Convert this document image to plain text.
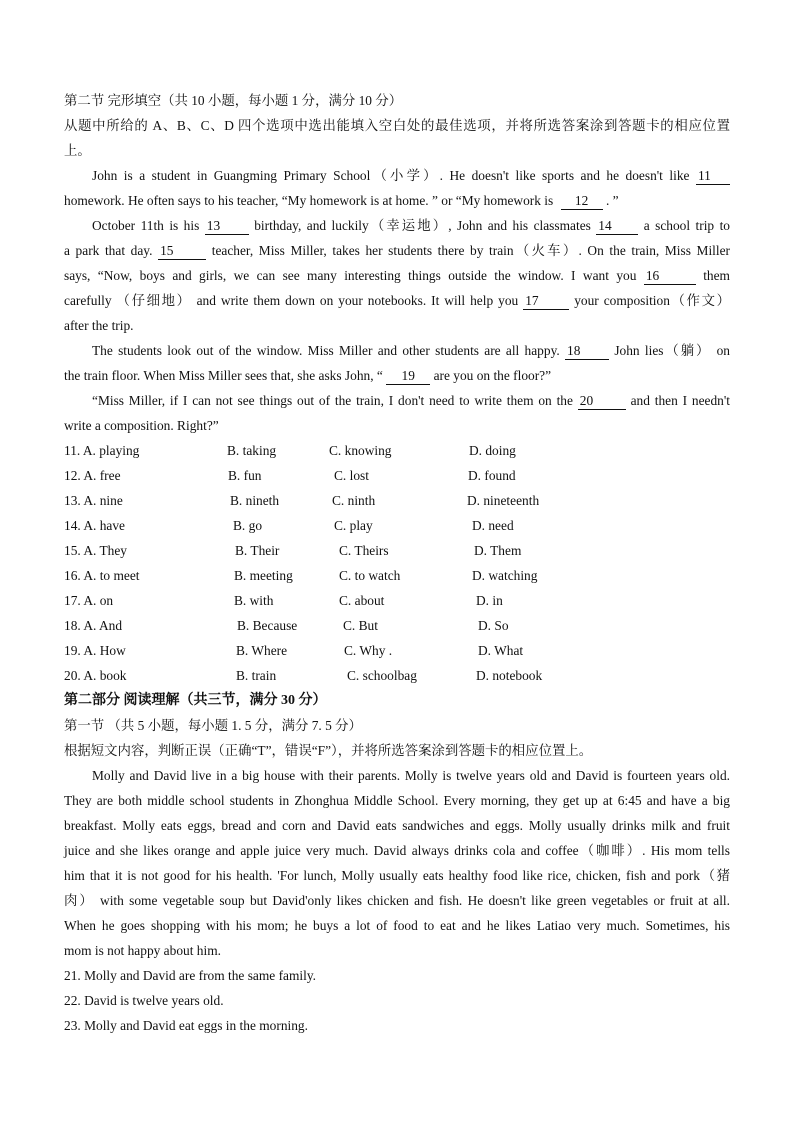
第二节 完形填空（共 10 小题，每小题 1 分，满分 10 分）
从题中所给的 A、B、C、D 四个选项中选出能填入空白处的最佳选项，并将所选答案涂到答题卡的相应位置
上。
John is a student in Guangming Primary School（小学）. He doesn't like sports and he doesn't like 11
homework. He often says to his teacher, “My homework is at home. ” or “My homework is 12 . ”
October 11th is his 13	birthday, and luckily（幸运地）, John and his classmates 14 a school trip to
a park that day. 15	teacher, Miss Miller, takes her students there by train（火车）. On the train, Miss Miller
says, “Now, boys and girls, we can see many interesting things outside the window. I want you 16	them
carefully （仔细地） and write them down on your notebooks. It will help you 17	your composition（作文）
after the trip.
The students look out of the window. Miss Miller and other students are all happy. 18	John lies（躺） on
the train floor. When Miss Miller sees that, she asks John, “ 19 are you on the floor?”
“Miss Miller, if I can not see things out of the train, I don't need to write them on the 20	and then I needn't
write a composition. Right?”
11. A. playing	B. taking	C. knowing	D. doing
12. A. free	B. fun	C. lost	D. found
13. A. nine	B. nineth	C. ninth	D. nineteenth
14. A. have	B. go	C. play	D. need
15. A. They	B. Their	C. Theirs	D. Them
16. A. to meet	B. meeting	C. to watch	D. watching
17. A. on	B. with	C. about	D. in
18. A. And	B. Because	C. But	D. So
19. A. How	B. Where	C. Why .	D. What
20. A. book	B. train	C. schoolbag	D. notebook
第二部分 阅读理解（共三节，满分 30 分）
第一节 （共 5 小题，每小题 1. 5 分，满分 7. 5 分）
根据短文内容，判断正误（正确“T”，错误“F”），并将所选答案涂到答题卡的相应位置上。
Molly and David live in a big house with their parents. Molly is twelve years old and David is fourteen years old.
They are both middle school students in Zhonghua Middle School. Every morning, they get up at 6:45 and have a big
breakfast. Molly eats eggs, bread and corn and David eats sandwiches and eggs. Molly usually drinks milk and fruit
juice and she likes orange and apple juice very much. David always drinks cola and coffee（咖啡）. His mom tells
him that it is not good for his health. 'For lunch, Molly usually eats healthy food like rice, chicken, fish and pork（猪
肉） with some vegetable soup but David'only likes chicken and fish. He doesn't like green vegetables or fruit at all.
When he goes shopping with his mom; he buys a lot of food to eat and he likes Latiao very much. Sometimes, his
mom is not happy about him.
21. Molly and David are from the same family.
22. David is twelve years old.
23. Molly and David eat eggs in the morning.
